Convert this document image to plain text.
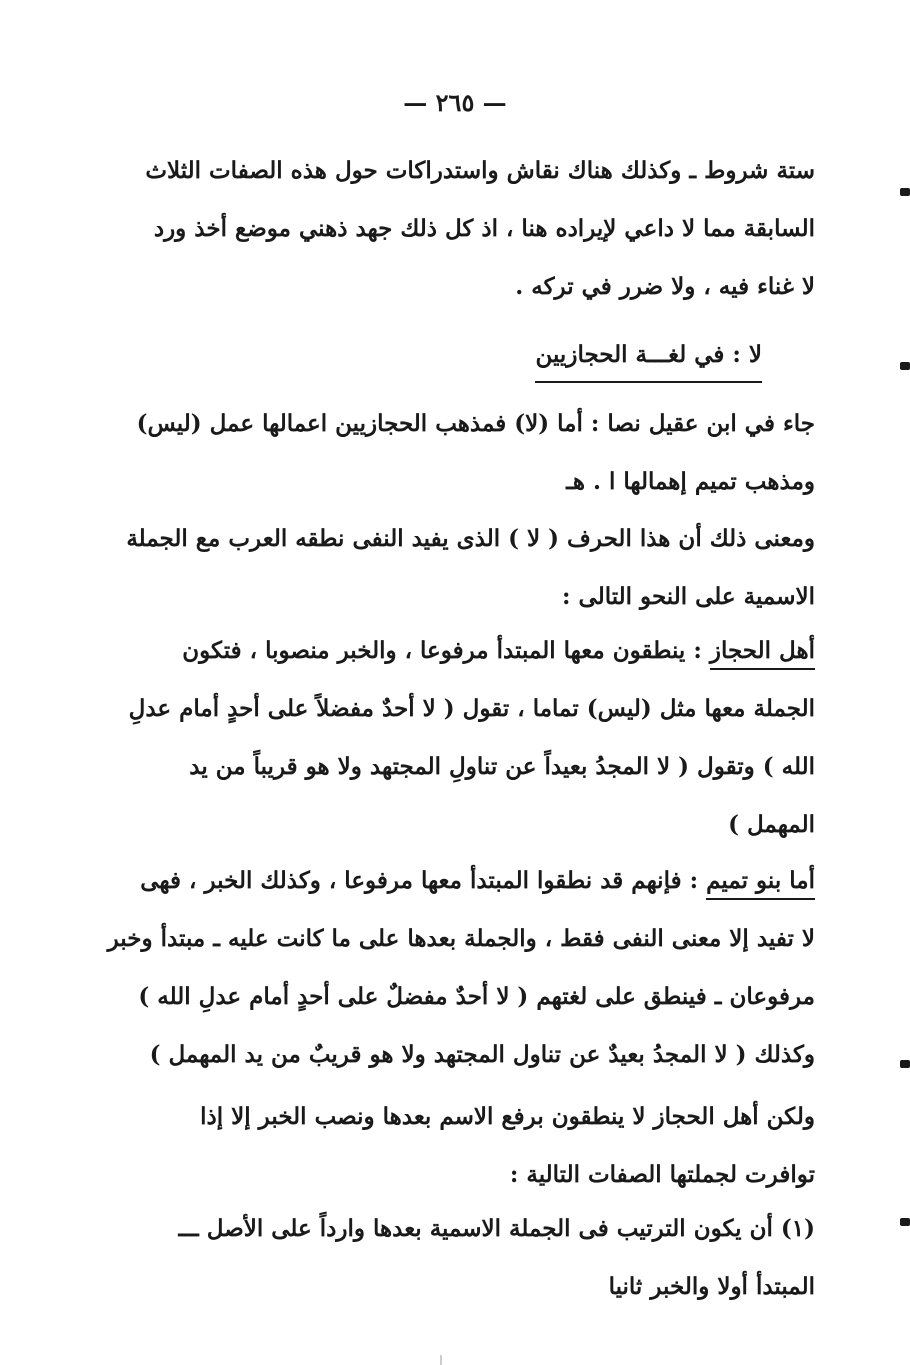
— ٢٦٥ —
ستة شروط ـ وكذلك هناك نقاش واستدراكات حول هذه الصفات الثلاث
السابقة مما لا داعي لإيراده هنا ، اذ كل ذلك جهد ذهني موضع أخذ ورد
لا غناء فيه ، ولا ضرر في تركه .
لا : في لغـــة الحجازيين
جاء في ابن عقيل نصا : أما (لا) فمذهب الحجازيين اعمالها عمل (ليس)
ومذهب تميم إهمالها ا . هـ
ومعنى ذلك أن هذا الحرف ( لا ) الذى يفيد النفى نطقه العرب مع الجملة
الاسمية على النحو التالى :
أهل الحجاز : ينطقون معها المبتدأ مرفوعا ، والخبر منصوبا ، فتكون
الجملة معها مثل (ليس) تماما ، تقول ( لا أحدٌ مفضلاً على أحدٍ أمام عدلِ
الله ) وتقول ( لا المجدُ بعيداً عن تناولِ المجتهد ولا هو قريباً من يد
المهمل )
أما بنو تميم : فإنهم قد نطقوا المبتدأ معها مرفوعا ، وكذلك الخبر ، فهى
لا تفيد إلا معنى النفى فقط ، والجملة بعدها على ما كانت عليه ـ مبتدأ وخبر
مرفوعان ـ فينطق على لغتهم ( لا أحدٌ مفضلٌ على أحدٍ أمام عدلِ الله )
وكذلك ( لا المجدُ بعيدٌ عن تناول المجتهد ولا هو قريبٌ من يد المهمل )
ولكن أهل الحجاز لا ينطقون برفع الاسم بعدها ونصب الخبر إلا إذا
توافرت لجملتها الصفات التالية :
(١) أن يكون الترتيب فى الجملة الاسمية بعدها وارداً على الأصل ـــ
المبتدأ أولا والخبر ثانيا
